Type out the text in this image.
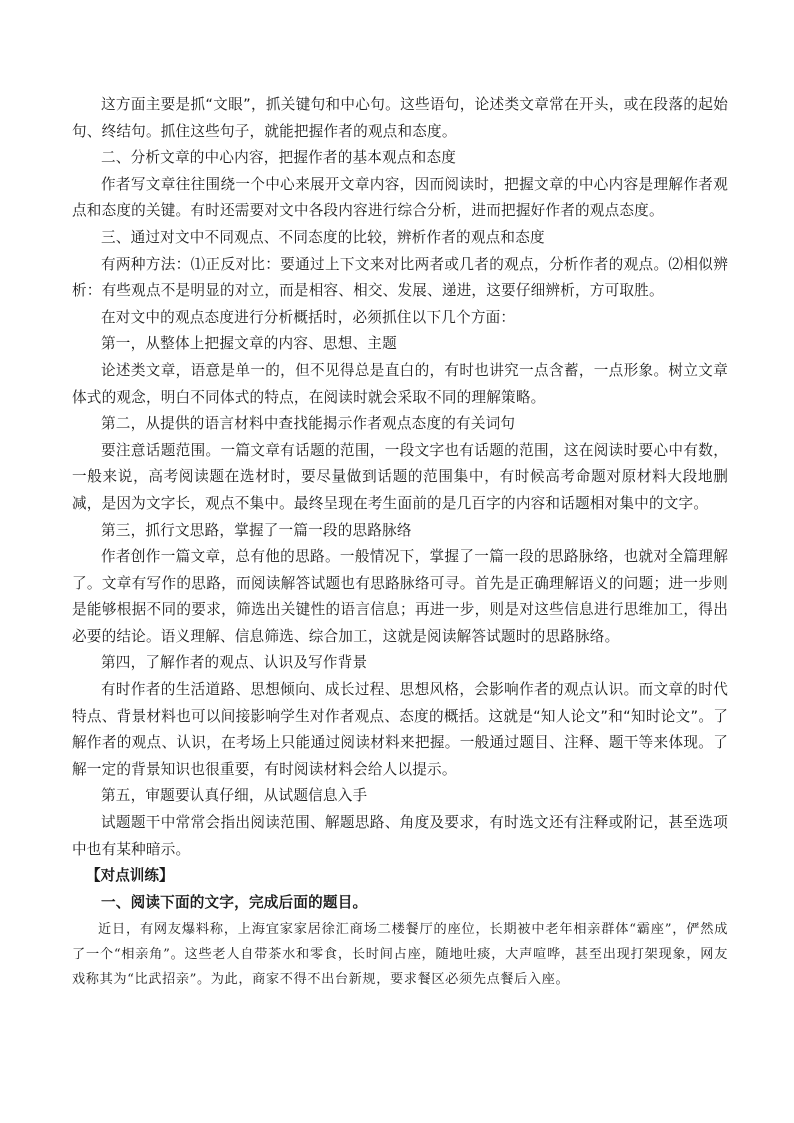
这方面主要是抓“文眼”，抓关键句和中心句。这些语句，论述类文章常在开头，或在段落的起始句、终结句。抓住这些句子，就能把握作者的观点和态度。

二、分析文章的中心内容，把握作者的基本观点和态度

作者写文章往往围绕一个中心来展开文章内容，因而阅读时，把握文章的中心内容是理解作者观点和态度的关键。有时还需要对文中各段内容进行综合分析，进而把握好作者的观点态度。

三、通过对文中不同观点、不同态度的比较，辨析作者的观点和态度

有两种方法：⑴正反对比：要通过上下文来对比两者或几者的观点，分析作者的观点。⑵相似辨析：有些观点不是明显的对立，而是相容、相交、发展、递进，这要仔细辨析，方可取胜。

在对文中的观点态度进行分析概括时，必须抓住以下几个方面：

第一，从整体上把握文章的内容、思想、主题

论述类文章，语意是单一的，但不见得总是直白的，有时也讲究一点含蓄，一点形象。树立文章体式的观念，明白不同体式的特点，在阅读时就会采取不同的理解策略。

第二，从提供的语言材料中查找能揭示作者观点态度的有关词句

要注意话题范围。一篇文章有话题的范围，一段文字也有话题的范围，这在阅读时要心中有数，一般来说，高考阅读题在选材时，要尽量做到话题的范围集中，有时候高考命题对原材料大段地删减，是因为文字长，观点不集中。最终呈现在考生面前的是几百字的内容和话题相对集中的文字。

第三，抓行文思路，掌握了一篇一段的思路脉络

作者创作一篇文章，总有他的思路。一般情况下，掌握了一篇一段的思路脉络，也就对全篇理解了。文章有写作的思路，而阅读解答试题也有思路脉络可寻。首先是正确理解语义的问题；进一步则是能够根据不同的要求，筛选出关键性的语言信息；再进一步，则是对这些信息进行思维加工，得出必要的结论。语义理解、信息筛选、综合加工，这就是阅读解答试题时的思路脉络。

第四，了解作者的观点、认识及写作背景

有时作者的生活道路、思想倾向、成长过程、思想风格，会影响作者的观点认识。而文章的时代特点、背景材料也可以间接影响学生对作者观点、态度的概括。这就是“知人论文”和“知时论文”。了解作者的观点、认识，在考场上只能通过阅读材料来把握。一般通过题目、注释、题干等来体现。了解一定的背景知识也很重要，有时阅读材料会给人以提示。

第五，审题要认真仔细，从试题信息入手

试题题干中常常会指出阅读范围、解题思路、角度及要求，有时选文还有注释或附记，甚至选项中也有某种暗示。

【对点训练】

一、阅读下面的文字，完成后面的题目。

近日，有网友爆料称，上海宜家家居徐汇商场二楼餐厅的座位，长期被中老年相亲群体“霸座”，俨然成了一个“相亲角”。这些老人自带茶水和零食，长时间占座，随地吐痰，大声喧哗，甚至出现打架现象，网友戏称其为“比武招亲”。为此，商家不得不出台新规，要求餐区必须先点餐后入座。
